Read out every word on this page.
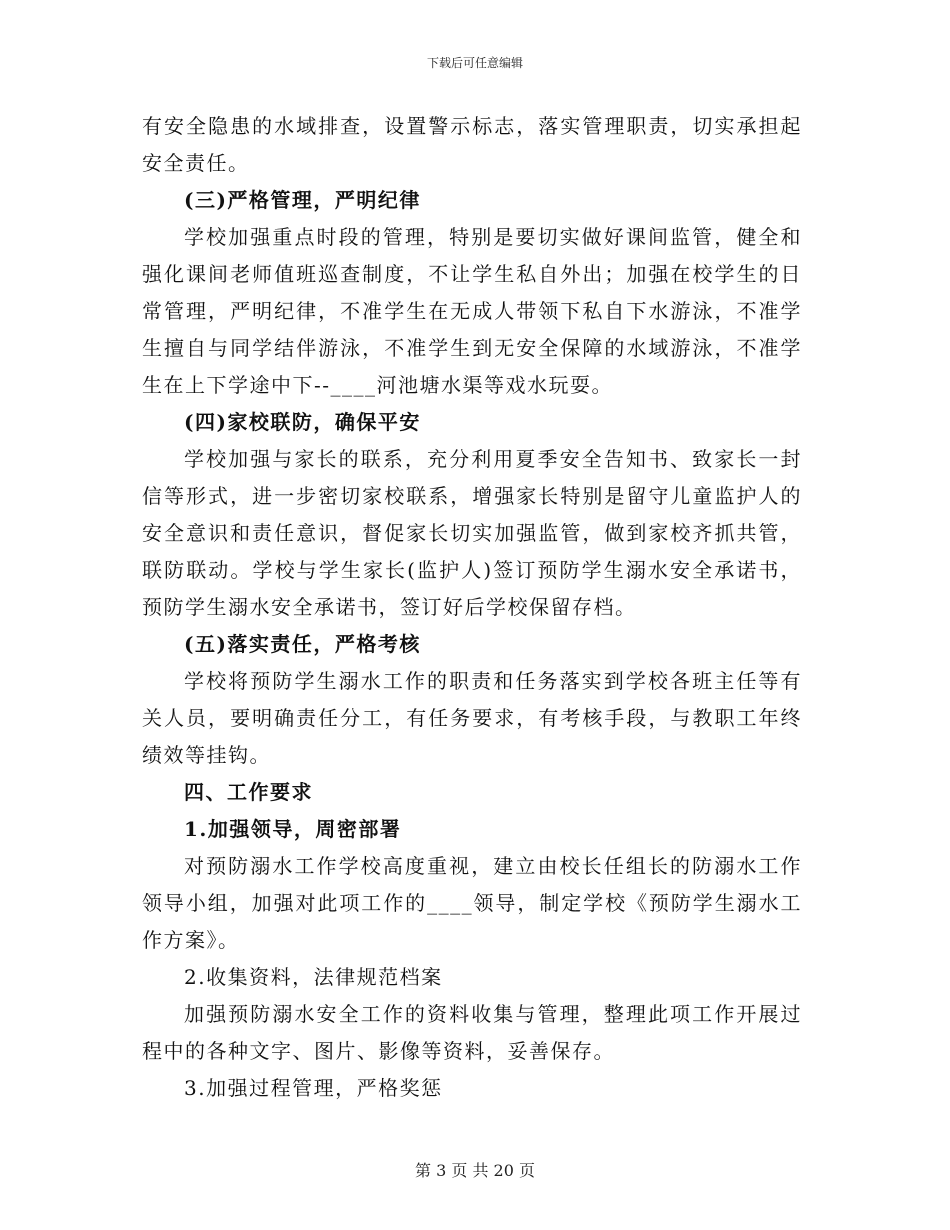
下载后可任意编辑

有安全隐患的水域排查，设置警示标志，落实管理职责，切实承担起安全责任。

(三)严格管理，严明纪律

学校加强重点时段的管理，特别是要切实做好课间监管，健全和强化课间老师值班巡查制度，不让学生私自外出；加强在校学生的日常管理，严明纪律，不准学生在无成人带领下私自下水游泳，不准学生擅自与同学结伴游泳，不准学生到无安全保障的水域游泳，不准学生在上下学途中下--____河池塘水渠等戏水玩耍。

(四)家校联防，确保平安

学校加强与家长的联系，充分利用夏季安全告知书、致家长一封信等形式，进一步密切家校联系，增强家长特别是留守儿童监护人的安全意识和责任意识，督促家长切实加强监管，做到家校齐抓共管，联防联动。学校与学生家长(监护人)签订预防学生溺水安全承诺书，预防学生溺水安全承诺书，签订好后学校保留存档。

(五)落实责任，严格考核

学校将预防学生溺水工作的职责和任务落实到学校各班主任等有关人员，要明确责任分工，有任务要求，有考核手段，与教职工年终绩效等挂钩。

四、工作要求

1.加强领导，周密部署

对预防溺水工作学校高度重视，建立由校长任组长的防溺水工作领导小组，加强对此项工作的____领导，制定学校《预防学生溺水工作方案》。

2.收集资料，法律规范档案

加强预防溺水安全工作的资料收集与管理，整理此项工作开展过程中的各种文字、图片、影像等资料，妥善保存。

3.加强过程管理，严格奖惩

第 3 页 共 20 页
